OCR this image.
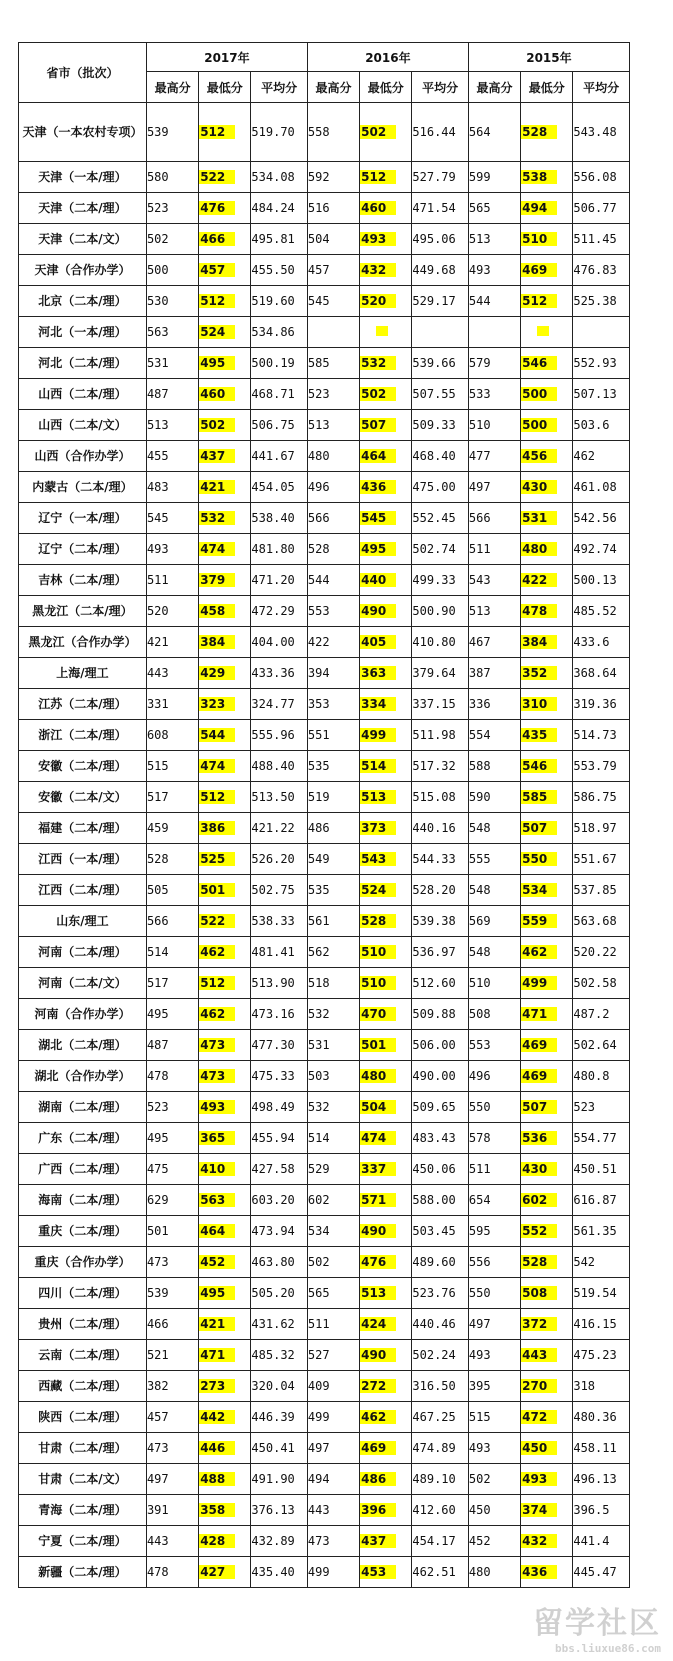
省市（批次）	2017年			2016年			2015年		
	最高分	最低分	平均分	最高分	最低分	平均分	最高分	最低分	平均分
天津（一本农村专项）	539	512	519.70	558	502	516.44	564	528	543.48
天津（一本/理）	580	522	534.08	592	512	527.79	599	538	556.08
天津（二本/理）	523	476	484.24	516	460	471.54	565	494	506.77
天津（二本/文）	502	466	495.81	504	493	495.06	513	510	511.45
天津（合作办学）	500	457	455.50	457	432	449.68	493	469	476.83
北京（二本/理）	530	512	519.60	545	520	529.17	544	512	525.38
河北（一本/理）	563	524	534.86						
河北（二本/理）	531	495	500.19	585	532	539.66	579	546	552.93
山西（二本/理）	487	460	468.71	523	502	507.55	533	500	507.13
山西（二本/文）	513	502	506.75	513	507	509.33	510	500	503.6
山西（合作办学）	455	437	441.67	480	464	468.40	477	456	462
内蒙古（二本/理）	483	421	454.05	496	436	475.00	497	430	461.08
辽宁（一本/理）	545	532	538.40	566	545	552.45	566	531	542.56
辽宁（二本/理）	493	474	481.80	528	495	502.74	511	480	492.74
吉林（二本/理）	511	379	471.20	544	440	499.33	543	422	500.13
黑龙江（二本/理）	520	458	472.29	553	490	500.90	513	478	485.52
黑龙江（合作办学）	421	384	404.00	422	405	410.80	467	384	433.6
上海/理工	443	429	433.36	394	363	379.64	387	352	368.64
江苏（二本/理）	331	323	324.77	353	334	337.15	336	310	319.36
浙江（二本/理）	608	544	555.96	551	499	511.98	554	435	514.73
安徽（二本/理）	515	474	488.40	535	514	517.32	588	546	553.79
安徽（二本/文）	517	512	513.50	519	513	515.08	590	585	586.75
福建（二本/理）	459	386	421.22	486	373	440.16	548	507	518.97
江西（一本/理）	528	525	526.20	549	543	544.33	555	550	551.67
江西（二本/理）	505	501	502.75	535	524	528.20	548	534	537.85
山东/理工	566	522	538.33	561	528	539.38	569	559	563.68
河南（二本/理）	514	462	481.41	562	510	536.97	548	462	520.22
河南（二本/文）	517	512	513.90	518	510	512.60	510	499	502.58
河南（合作办学）	495	462	473.16	532	470	509.88	508	471	487.2
湖北（二本/理）	487	473	477.30	531	501	506.00	553	469	502.64
湖北（合作办学）	478	473	475.33	503	480	490.00	496	469	480.8
湖南（二本/理）	523	493	498.49	532	504	509.65	550	507	523
广东（二本/理）	495	365	455.94	514	474	483.43	578	536	554.77
广西（二本/理）	475	410	427.58	529	337	450.06	511	430	450.51
海南（二本/理）	629	563	603.20	602	571	588.00	654	602	616.87
重庆（二本/理）	501	464	473.94	534	490	503.45	595	552	561.35
重庆（合作办学）	473	452	463.80	502	476	489.60	556	528	542
四川（二本/理）	539	495	505.20	565	513	523.76	550	508	519.54
贵州（二本/理）	466	421	431.62	511	424	440.46	497	372	416.15
云南（二本/理）	521	471	485.32	527	490	502.24	493	443	475.23
西藏（二本/理）	382	273	320.04	409	272	316.50	395	270	318
陕西（二本/理）	457	442	446.39	499	462	467.25	515	472	480.36
甘肃（二本/理）	473	446	450.41	497	469	474.89	493	450	458.11
甘肃（二本/文）	497	488	491.90	494	486	489.10	502	493	496.13
青海（二本/理）	391	358	376.13	443	396	412.60	450	374	396.5
宁夏（二本/理）	443	428	432.89	473	437	454.17	452	432	441.4
新疆（二本/理）	478	427	435.40	499	453	462.51	480	436	445.47
留学社区
bbs.liuxue86.com
